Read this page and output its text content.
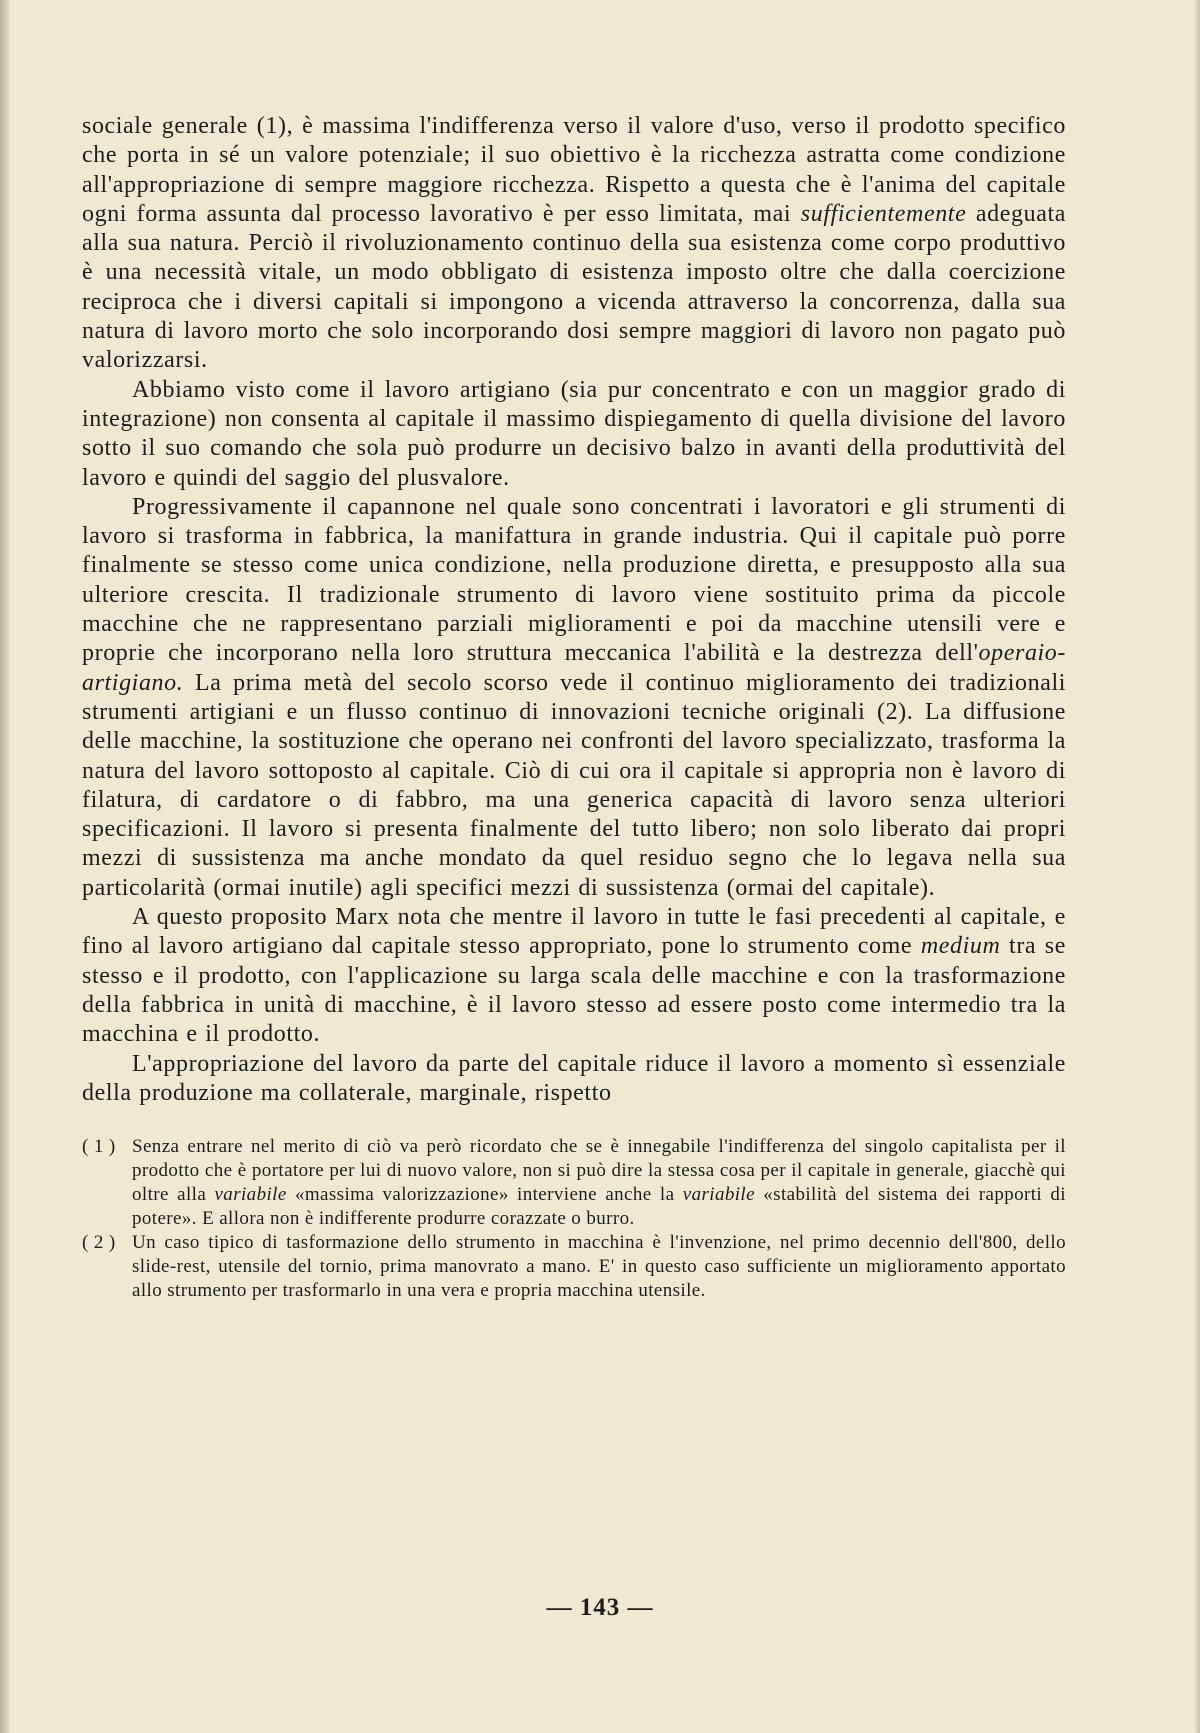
sociale generale (1), è massima l'indifferenza verso il valore d'uso, verso il prodotto specifico che porta in sé un valore potenziale; il suo obiettivo è la ricchezza astratta come condizione all'appropriazione di sempre maggiore ricchezza. Rispetto a questa che è l'anima del capitale ogni forma assunta dal processo lavorativo è per esso limitata, mai sufficientemente adeguata alla sua natura. Perciò il rivoluzionamento continuo della sua esistenza come corpo produttivo è una necessità vitale, un modo obbligato di esistenza imposto oltre che dalla coercizione reciproca che i diversi capitali si impongono a vicenda attraverso la concorrenza, dalla sua natura di lavoro morto che solo incorporando dosi sempre maggiori di lavoro non pagato può valorizzarsi.

Abbiamo visto come il lavoro artigiano (sia pur concentrato e con un maggior grado di integrazione) non consenta al capitale il massimo dispiegamento di quella divisione del lavoro sotto il suo comando che sola può produrre un decisivo balzo in avanti della produttività del lavoro e quindi del saggio del plusvalore.

Progressivamente il capannone nel quale sono concentrati i lavoratori e gli strumenti di lavoro si trasforma in fabbrica, la manifattura in grande industria. Qui il capitale può porre finalmente se stesso come unica condizione, nella produzione diretta, e presupposto alla sua ulteriore crescita. Il tradizionale strumento di lavoro viene sostituito prima da piccole macchine che ne rappresentano parziali miglioramenti e poi da macchine utensili vere e proprie che incorporano nella loro struttura meccanica l'abilità e la destrezza dell'operaio-artigiano. La prima metà del secolo scorso vede il continuo miglioramento dei tradizionali strumenti artigiani e un flusso continuo di innovazioni tecniche originali (2). La diffusione delle macchine, la sostituzione che operano nei confronti del lavoro specializzato, trasforma la natura del lavoro sottoposto al capitale. Ciò di cui ora il capitale si appropria non è lavoro di filatura, di cardatore o di fabbro, ma una generica capacità di lavoro senza ulteriori specificazioni. Il lavoro si presenta finalmente del tutto libero; non solo liberato dai propri mezzi di sussistenza ma anche mondato da quel residuo segno che lo legava nella sua particolarità (ormai inutile) agli specifici mezzi di sussistenza (ormai del capitale).

A questo proposito Marx nota che mentre il lavoro in tutte le fasi precedenti al capitale, e fino al lavoro artigiano dal capitale stesso appropriato, pone lo strumento come medium tra se stesso e il prodotto, con l'applicazione su larga scala delle macchine e con la trasformazione della fabbrica in unità di macchine, è il lavoro stesso ad essere posto come intermedio tra la macchina e il prodotto.

L'appropriazione del lavoro da parte del capitale riduce il lavoro a momento sì essenziale della produzione ma collaterale, marginale, rispetto

( 1 ) Senza entrare nel merito di ciò va però ricordato che se è innegabile l'indifferenza del singolo capitalista per il prodotto che è portatore per lui di nuovo valore, non si può dire la stessa cosa per il capitale in generale, giacchè qui oltre alla variabile «massima valorizzazione» interviene anche la variabile «stabilità del sistema dei rapporti di potere». E allora non è indifferente produrre corazzate o burro.
( 2 ) Un caso tipico di tasformazione dello strumento in macchina è l'invenzione, nel primo decennio dell'800, dello slide-rest, utensile del tornio, prima manovrato a mano. E' in questo caso sufficiente un miglioramento apportato allo strumento per trasformarlo in una vera e propria macchina utensile.
— 143 —
